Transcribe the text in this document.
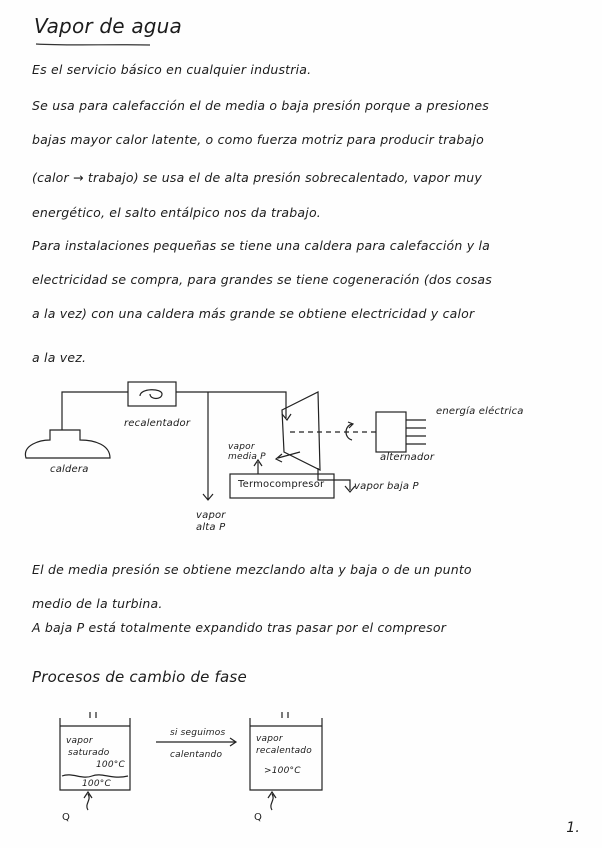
Vapor de agua
Es el servicio básico en cualquier industria.
Se usa para calefacción el de media o baja presión porque a presiones
bajas mayor calor latente, o como fuerza motriz para producir trabajo
(calor → trabajo) se usa el de alta presión sobrecalentado, vapor muy
energético, el salto entálpico nos da trabajo.
Para instalaciones pequeñas se tiene una caldera para calefacción y la
electricidad se compra, para grandes se tiene cogeneración (dos cosas
a la vez) con una caldera más grande se obtiene electricidad y calor
a la vez.
recalentador
caldera
vapor media P
Termocompresor	vapor baja P
vapor alta P
alternador
energía eléctrica
El de media presión se obtiene mezclando alta y baja o de un punto
medio de la turbina.
A baja P está totalmente expandido tras pasar por el compresor
Procesos de cambio de fase
vapor
saturado
100°C
100°C
si seguimos
calentando
vapor
recalentado
>100°C
Q	Q
1.
